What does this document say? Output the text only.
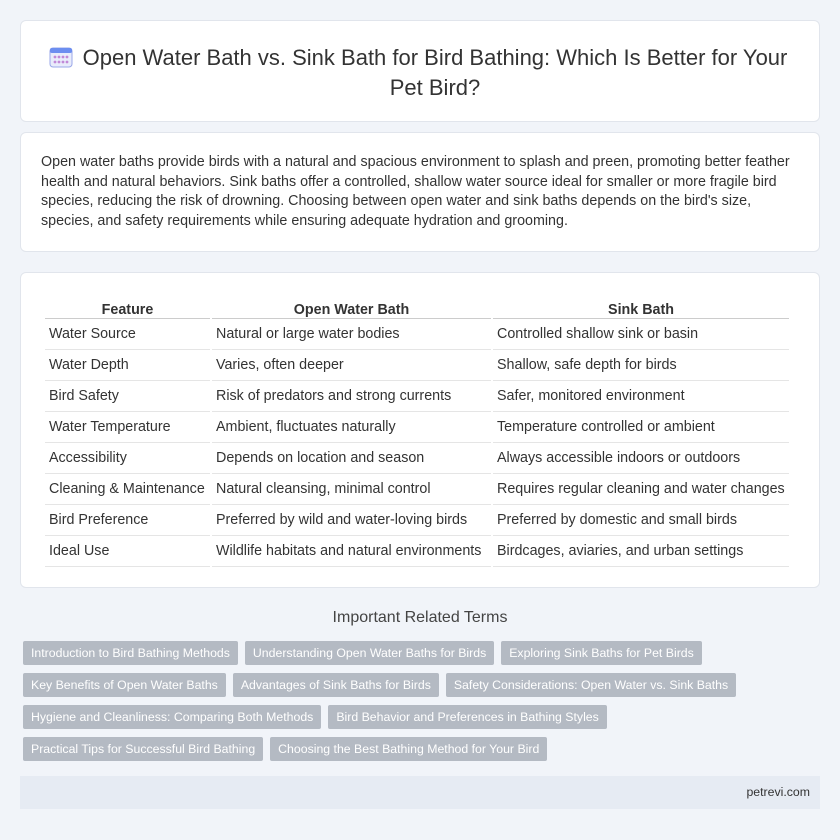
Open Water Bath vs. Sink Bath for Bird Bathing: Which Is Better for Your Pet Bird?

Open water baths provide birds with a natural and spacious environment to splash and preen, promoting better feather health and natural behaviors. Sink baths offer a controlled, shallow water source ideal for smaller or more fragile bird species, reducing the risk of drowning. Choosing between open water and sink baths depends on the bird's size, species, and safety requirements while ensuring adequate hydration and grooming.

Feature	Open Water Bath	Sink Bath
Water Source	Natural or large water bodies	Controlled shallow sink or basin
Water Depth	Varies, often deeper	Shallow, safe depth for birds
Bird Safety	Risk of predators and strong currents	Safer, monitored environment
Water Temperature	Ambient, fluctuates naturally	Temperature controlled or ambient
Accessibility	Depends on location and season	Always accessible indoors or outdoors
Cleaning & Maintenance	Natural cleansing, minimal control	Requires regular cleaning and water changes
Bird Preference	Preferred by wild and water-loving birds	Preferred by domestic and small birds
Ideal Use	Wildlife habitats and natural environments	Birdcages, aviaries, and urban settings
Important Related Terms
Introduction to Bird Bathing Methods	Understanding Open Water Baths for Birds	Exploring Sink Baths for Pet Birds
Key Benefits of Open Water Baths	Advantages of Sink Baths for Birds	Safety Considerations: Open Water vs. Sink Baths
Hygiene and Cleanliness: Comparing Both Methods	Bird Behavior and Preferences in Bathing Styles
Practical Tips for Successful Bird Bathing	Choosing the Best Bathing Method for Your Bird
petrevi.com
